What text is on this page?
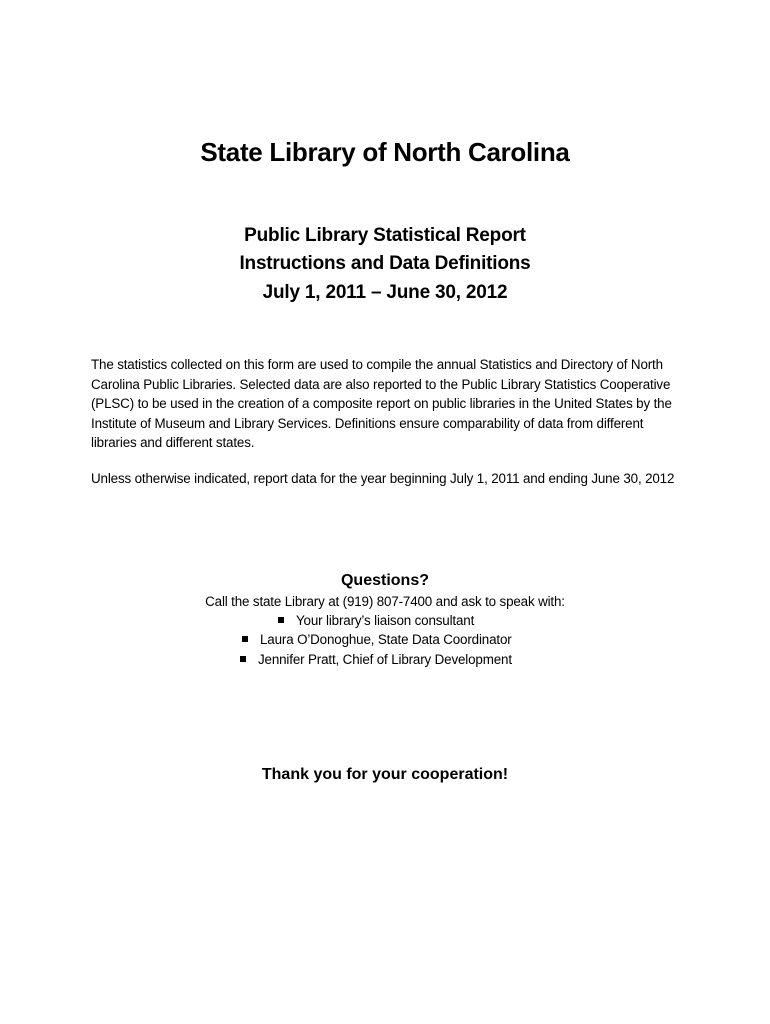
State Library of North Carolina
Public Library Statistical Report
Instructions and Data Definitions
July 1, 2011 – June 30, 2012
The statistics collected on this form are used to compile the annual Statistics and Directory of North Carolina Public Libraries. Selected data are also reported to the Public Library Statistics Cooperative (PLSC) to be used in the creation of a composite report on public libraries in the United States by the Institute of Museum and Library Services. Definitions ensure comparability of data from different libraries and different states.
Unless otherwise indicated, report data for the year beginning July 1, 2011 and ending June 30, 2012
Questions?
Call the state Library at (919) 807-7400 and ask to speak with:
Your library’s liaison consultant
Laura O’Donoghue, State Data Coordinator
Jennifer Pratt, Chief of Library Development
Thank you for your cooperation!
